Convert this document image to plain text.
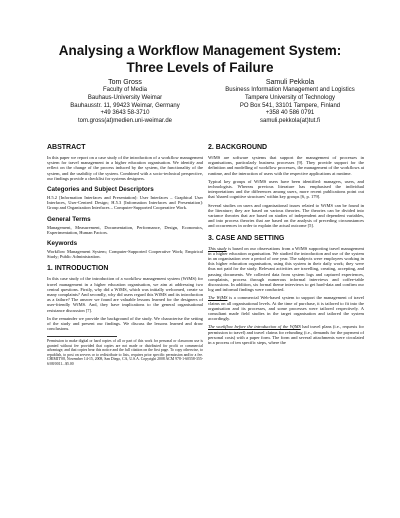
Analysing a Workflow Management System:
Three Levels of Failure
Tom Gross
Faculty of Media
Bauhaus-University Weimar
Bauhausstr. 11, 99423 Weimar, Germany
+49 3643 58-3710
tom.gross(at)medien.uni-weimar.de
Samuli Pekkola
Business Information Management and Logistics
Tampere University of Technology
PO Box 541, 33101 Tampere, Finland
+358 40 586 0791
samuli.pekkola(at)tut.fi
ABSTRACT

In this paper we report on a case study of the introduction of a workflow management system for travel management in a higher education organisation. We identify and reflect on the change of the process induced by the system, the functionality of the system, and the usability of the system. Combined with a socio-technical perspective, our findings provide a checklist for systems designers.

Categories and Subject Descriptors

H.5.2 [Information Interfaces and Presentation]: User Interfaces – Graphical User Interfaces, User-Centred Design; H.5.3 [Information Interfaces and Presentation]: Group and Organization Interfaces – Computer-Supported Cooperative Work.

General Terms

Management, Measurement, Documentation, Performance, Design, Economics, Experimentation, Human Factors.

Keywords

Workflow Management System; Computer-Supported Cooperative Work; Empirical Study; Public Administration.

1. INTRODUCTION

In this case study of the introduction of a workflow management system (WfMS) for travel management in a higher education organisation, we aim at addressing two central questions. Firstly, why did a WfMS, which was initially welcomed, create so many complaints? And secondly, why did users regard this WfMS and its introduction as a failure? The answer we found are valuable lessons learned for the designers of user-friendly WfMS. And, they have implications to the general organisational resistance discussion [7].

In the remainder we provide the background of the study. We characterise the setting of the study and present our findings. We discuss the lessons learned and draw conclusions.

Permission to make digital or hard copies of all or part of this work for personal or classroom use is granted without fee provided that copies are not made or distributed for profit or commercial advantage, and that copies bear this notice and the full citation on the first page. To copy otherwise, to republish, to post on servers or to redistribute to lists, requires prior specific permission and/or a fee. CHIMIT'08, November 14-15, 2008, San Diego, CA, U.S.A. Copyright 2008 ACM 978-1-60558-355-6/08/0011...$5.00
2. BACKGROUND

WfMS are software systems that support the management of processes in organisations, particularly business processes [9]. They provide support for the definition and modelling of workflow processes, the management of the workflows at runtime, and the interaction of users with the respective applications at runtime.

Typical key groups of WfMS users have been identified: managers, users, and technologists. Whereas previous literature has emphasised the individual interpretations and the differences among users, more recent publications point out that 'shared cognitive structures' within key groups [6, p. 179].

Several studies on users and organisational issues related to WfMS can be found in the literature; they are based on various theories. The theories can be divided into variance theories that are based on studies of independent and dependent variables, and into process theories that are based on the analysis of preceding circumstances and occurrences in order to explain the actual outcome [5].

3. CASE AND SETTING

This study is based on our observations from a WfMS supporting travel management in a higher education organisation. We studied the introduction and use of the system in an organisation over a period of one year. The subjects were employees working in this higher education organisation, using this system in their daily work; they were thus not paid for the study. Relevant activities are travelling, creating, accepting, and passing documents. We collected data from system logs and captured experiences, complaints, process through numerous informal interviews and coffee-table discussions. In addition, six formal theme interviews to get hard-data and confirm our log and informal findings were conducted.

The WfMS is a commercial Web-based system to support the management of travel claims on all organisational levels. At the time of purchase, it is tailored to fit into the organisation and its processes, and some processes were tailored respectively. A consultant made field studies in the target organisation and tailored the system accordingly.

The workflow before the introduction of the WfMS had travel plans (i.e., requests for permission to travel) and travel claims for refunding (i.e., demands for the payment of personal costs) with a paper form. The form and several attachments were circulated in a process of ten specific steps, where the
